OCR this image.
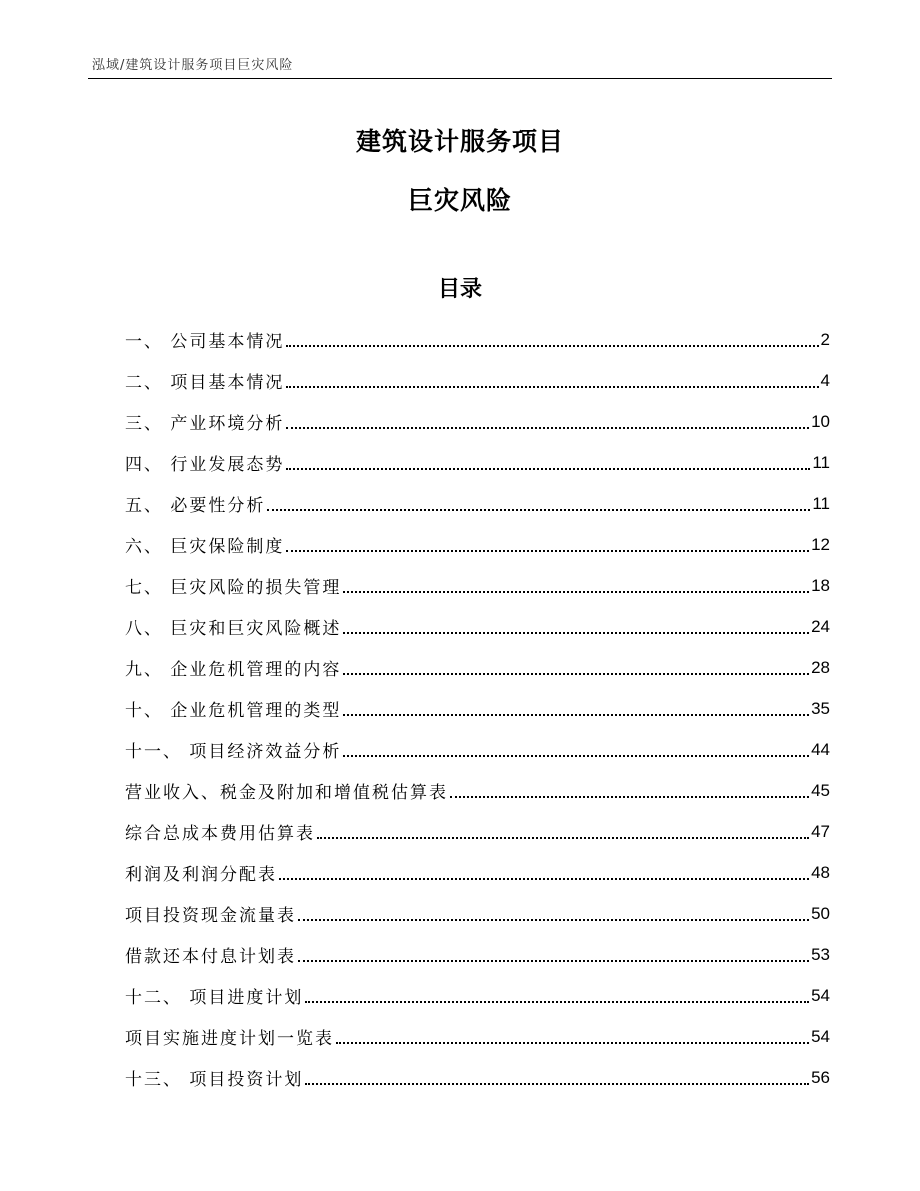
泓域/建筑设计服务项目巨灾风险
建筑设计服务项目
巨灾风险
目录
一、 公司基本情况	2
二、 项目基本情况	4
三、 产业环境分析	10
四、 行业发展态势	11
五、 必要性分析	11
六、 巨灾保险制度	12
七、 巨灾风险的损失管理	18
八、 巨灾和巨灾风险概述	24
九、 企业危机管理的内容	28
十、 企业危机管理的类型	35
十一、 项目经济效益分析	44
营业收入、税金及附加和增值税估算表	45
综合总成本费用估算表	47
利润及利润分配表	48
项目投资现金流量表	50
借款还本付息计划表	53
十二、 项目进度计划	54
项目实施进度计划一览表	54
十三、 项目投资计划	56
